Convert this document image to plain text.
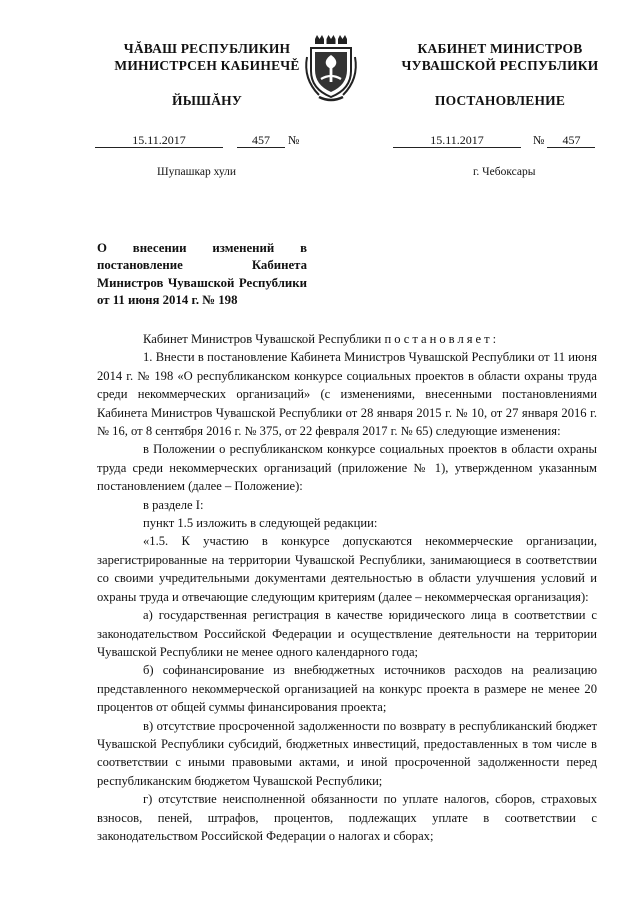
ЧĂВАШ РЕСПУБЛИКИН
МИНИСТРСЕН КАБИНЕЧĚ
ЙЫШĂНУ
КАБИНЕТ МИНИСТРОВ
ЧУВАШСКОЙ РЕСПУБЛИКИ
ПОСТАНОВЛЕНИЕ
15.11.2017	457 №	15.11.2017	№ 457
Шупашкар хули	г. Чебоксары
О внесении изменений в постановление Кабинета Министров Чувашской Республики от 11 июня 2014 г. № 198

Кабинет Министров Чувашской Республики постановляет:

1. Внести в постановление Кабинета Министров Чувашской Республики от 11 июня 2014 г. № 198 «О республиканском конкурсе социальных проектов в области охраны труда среди некоммерческих организаций» (с изменениями, внесенными постановлениями Кабинета Министров Чувашской Республики от 28 января 2015 г. № 10, от 27 января 2016 г. № 16, от 8 сентября 2016 г. № 375, от 22 февраля 2017 г. № 65) следующие изменения:

в Положении о республиканском конкурсе социальных проектов в области охраны труда среди некоммерческих организаций (приложение № 1), утвержденном указанным постановлением (далее – Положение):

в разделе I:

пункт 1.5 изложить в следующей редакции:

«1.5. К участию в конкурсе допускаются некоммерческие организации, зарегистрированные на территории Чувашской Республики, занимающиеся в соответствии со своими учредительными документами деятельностью в области улучшения условий и охраны труда и отвечающие следующим критериям (далее – некоммерческая организация):

а) государственная регистрация в качестве юридического лица в соответствии с законодательством Российской Федерации и осуществление деятельности на территории Чувашской Республики не менее одного календарного года;

б) софинансирование из внебюджетных источников расходов на реализацию представленного некоммерческой организацией на конкурс проекта в размере не менее 20 процентов от общей суммы финансирования проекта;

в) отсутствие просроченной задолженности по возврату в республиканский бюджет Чувашской Республики субсидий, бюджетных инвестиций, предоставленных в том числе в соответствии с иными правовыми актами, и иной просроченной задолженности перед республиканским бюджетом Чувашской Республики;

г) отсутствие неисполненной обязанности по уплате налогов, сборов, страховых взносов, пеней, штрафов, процентов, подлежащих уплате в соответствии с законодательством Российской Федерации о налогах и сборах;
